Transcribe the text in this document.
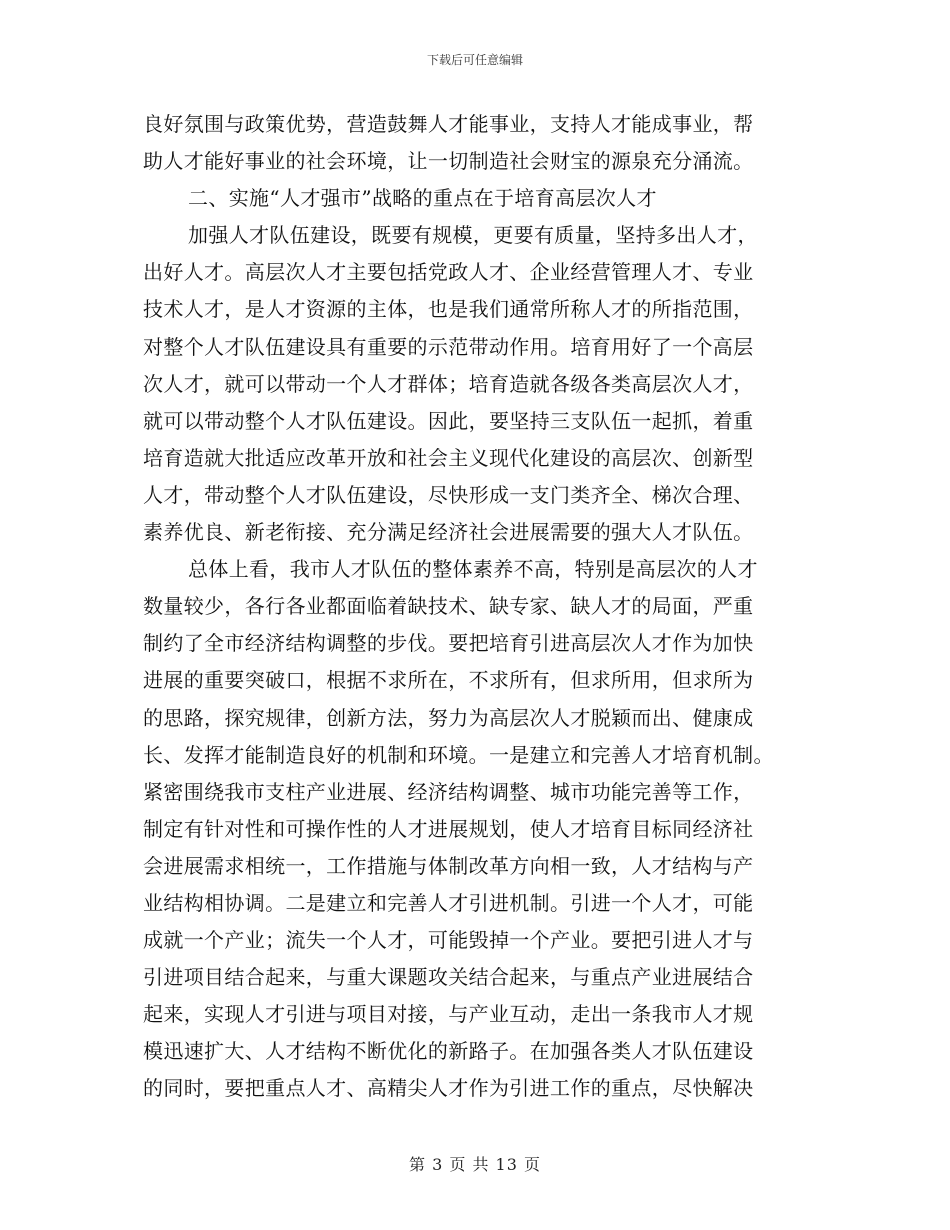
下载后可任意编辑
良好氛围与政策优势，营造鼓舞人才能事业，支持人才能成事业，帮
助人才能好事业的社会环境，让一切制造社会财宝的源泉充分涌流。
二、实施“人才强市”战略的重点在于培育高层次人才
加强人才队伍建设，既要有规模，更要有质量，坚持多出人才，
出好人才。高层次人才主要包括党政人才、企业经营管理人才、专业
技术人才，是人才资源的主体，也是我们通常所称人才的所指范围，
对整个人才队伍建设具有重要的示范带动作用。培育用好了一个高层
次人才，就可以带动一个人才群体；培育造就各级各类高层次人才，
就可以带动整个人才队伍建设。因此，要坚持三支队伍一起抓，着重
培育造就大批适应改革开放和社会主义现代化建设的高层次、创新型
人才，带动整个人才队伍建设，尽快形成一支门类齐全、梯次合理、
素养优良、新老衔接、充分满足经济社会进展需要的强大人才队伍。
总体上看，我市人才队伍的整体素养不高，特别是高层次的人才
数量较少，各行各业都面临着缺技术、缺专家、缺人才的局面，严重
制约了全市经济结构调整的步伐。要把培育引进高层次人才作为加快
进展的重要突破口，根据不求所在，不求所有，但求所用，但求所为
的思路，探究规律，创新方法，努力为高层次人才脱颖而出、健康成
长、发挥才能制造良好的机制和环境。一是建立和完善人才培育机制。
紧密围绕我市支柱产业进展、经济结构调整、城市功能完善等工作，
制定有针对性和可操作性的人才进展规划，使人才培育目标同经济社
会进展需求相统一，工作措施与体制改革方向相一致，人才结构与产
业结构相协调。二是建立和完善人才引进机制。引进一个人才，可能
成就一个产业；流失一个人才，可能毁掉一个产业。要把引进人才与
引进项目结合起来，与重大课题攻关结合起来，与重点产业进展结合
起来，实现人才引进与项目对接，与产业互动，走出一条我市人才规
模迅速扩大、人才结构不断优化的新路子。在加强各类人才队伍建设
的同时，要把重点人才、高精尖人才作为引进工作的重点，尽快解决
第 3 页 共 13 页
